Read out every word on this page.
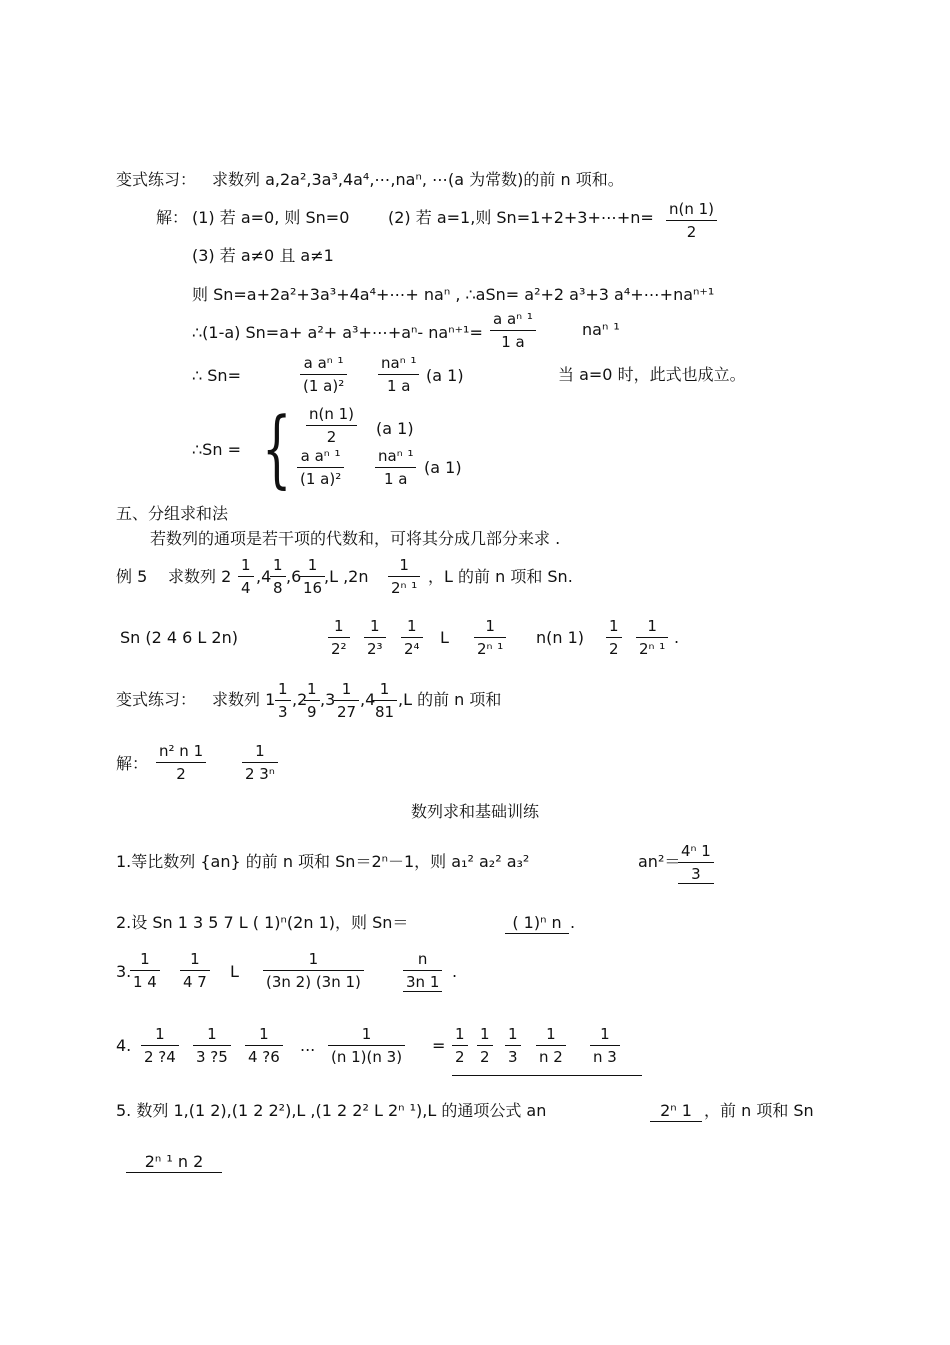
变式练习： 求数列 a,2a²,3a³,4a⁴,⋯,naⁿ, ⋯(a 为常数)的前 n 项和。
解： (1) 若 a=0, 则 Sn=0 (2) 若 a=1,则 Sn=1+2+3+⋯+n= n(n 1)
2
(3) 若 a≠0 且 a≠1
则 Sn=a+2a²+3a³+4a⁴+⋯+ naⁿ , ∴aSn= a²+2 a³+3 a⁴+⋯+naⁿ⁺¹
∴(1-a) Sn=a+ a²+ a³+⋯+aⁿ- naⁿ⁺¹=
a aⁿ ¹
1 a
naⁿ ¹
∴ Sn=
a aⁿ ¹
(1 a)²
naⁿ ¹
1 a
(a 1)	当 a=0 时，此式也成立。
∴Sn = { n(n 1)
2	(a 1)
a aⁿ ¹
(1 a)²
naⁿ ¹
1 a
(a 1)
五、分组求和法
若数列的通项是若干项的代数和，可将其分成几部分来求 .
例 5 求数列 2
1
4
,4
1
8
,6
1
16
,L ,2n
1
2ⁿ ¹
，L 的前 n 项和 Sn.
Sn (2 4 6 L 2n)
1
2²
1
2³
1
2⁴
L
1
2ⁿ ¹
n(n 1)
1
2
1
2ⁿ ¹
.
变式练习： 求数列 1
1
3
,2
1
9
,3
1
27
,4
1
81
,L 的前 n 项和
解：
n² n 1
2
1
2 3ⁿ
数列求和基础训练
1.等比数列 {an} 的前 n 项和 Sn＝2ⁿ－1，则 a₁² a₂² a₃²	an²＝
4ⁿ 1
3
2.设 Sn 1 3 5 7 L ( 1)ⁿ(2n 1)，则 Sn＝	( 1)ⁿ n .
3.
1
1 4
1
4 7
L
1
(3n 2) (3n 1)
n
3n 1
.
4.
1
2 ?4
1
3 ?5
1
4 ?6
...
1
(n 1)(n 3)
=
1
2
1
2
1
3
1
n 2
1
n 3
5. 数列 1,(1 2),(1 2 2²),L ,(1 2 2² L 2ⁿ ¹),L 的通项公式 an	2ⁿ 1 ，前 n 项和 Sn
2ⁿ ¹ n 2
